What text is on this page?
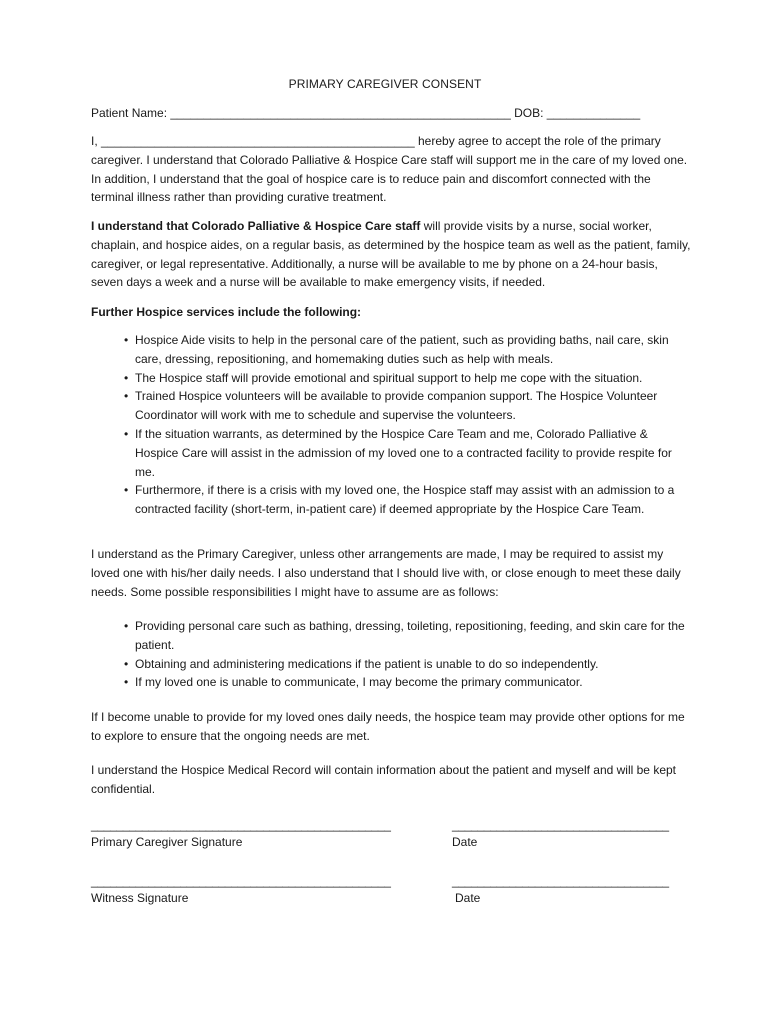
PRIMARY CAREGIVER CONSENT
Patient Name: ___________________________________________________ DOB: ______________

I, _______________________________________________ hereby agree to accept the role of the primary caregiver. I understand that Colorado Palliative & Hospice Care staff will support me in the care of my loved one. In addition, I understand that the goal of hospice care is to reduce pain and discomfort connected with the terminal illness rather than providing curative treatment.

I understand that Colorado Palliative & Hospice Care staff will provide visits by a nurse, social worker, chaplain, and hospice aides, on a regular basis, as determined by the hospice team as well as the patient, family, caregiver, or legal representative. Additionally, a nurse will be available to me by phone on a 24-hour basis, seven days a week and a nurse will be available to make emergency visits, if needed.

Further Hospice services include the following:
• Hospice Aide visits to help in the personal care of the patient, such as providing baths, nail care, skin care, dressing, repositioning, and homemaking duties such as help with meals.
• The Hospice staff will provide emotional and spiritual support to help me cope with the situation.
• Trained Hospice volunteers will be available to provide companion support. The Hospice Volunteer Coordinator will work with me to schedule and supervise the volunteers.
• If the situation warrants, as determined by the Hospice Care Team and me, Colorado Palliative & Hospice Care will assist in the admission of my loved one to a contracted facility to provide respite for me.
• Furthermore, if there is a crisis with my loved one, the Hospice staff may assist with an admission to a contracted facility (short-term, in-patient care) if deemed appropriate by the Hospice Care Team.

I understand as the Primary Caregiver, unless other arrangements are made, I may be required to assist my loved one with his/her daily needs. I also understand that I should live with, or close enough to meet these daily needs. Some possible responsibilities I might have to assume are as follows:

• Providing personal care such as bathing, dressing, toileting, repositioning, feeding, and skin care for the patient.
• Obtaining and administering medications if the patient is unable to do so independently.
• If my loved one is unable to communicate, I may become the primary communicator.

If I become unable to provide for my loved ones daily needs, the hospice team may provide other options for me to explore to ensure that the ongoing needs are met.

I understand the Hospice Medical Record will contain information about the patient and myself and will be kept confidential.

_______________________________________________	__________________________________
Primary Caregiver Signature	Date
_______________________________________________	__________________________________
Witness Signature	Date
